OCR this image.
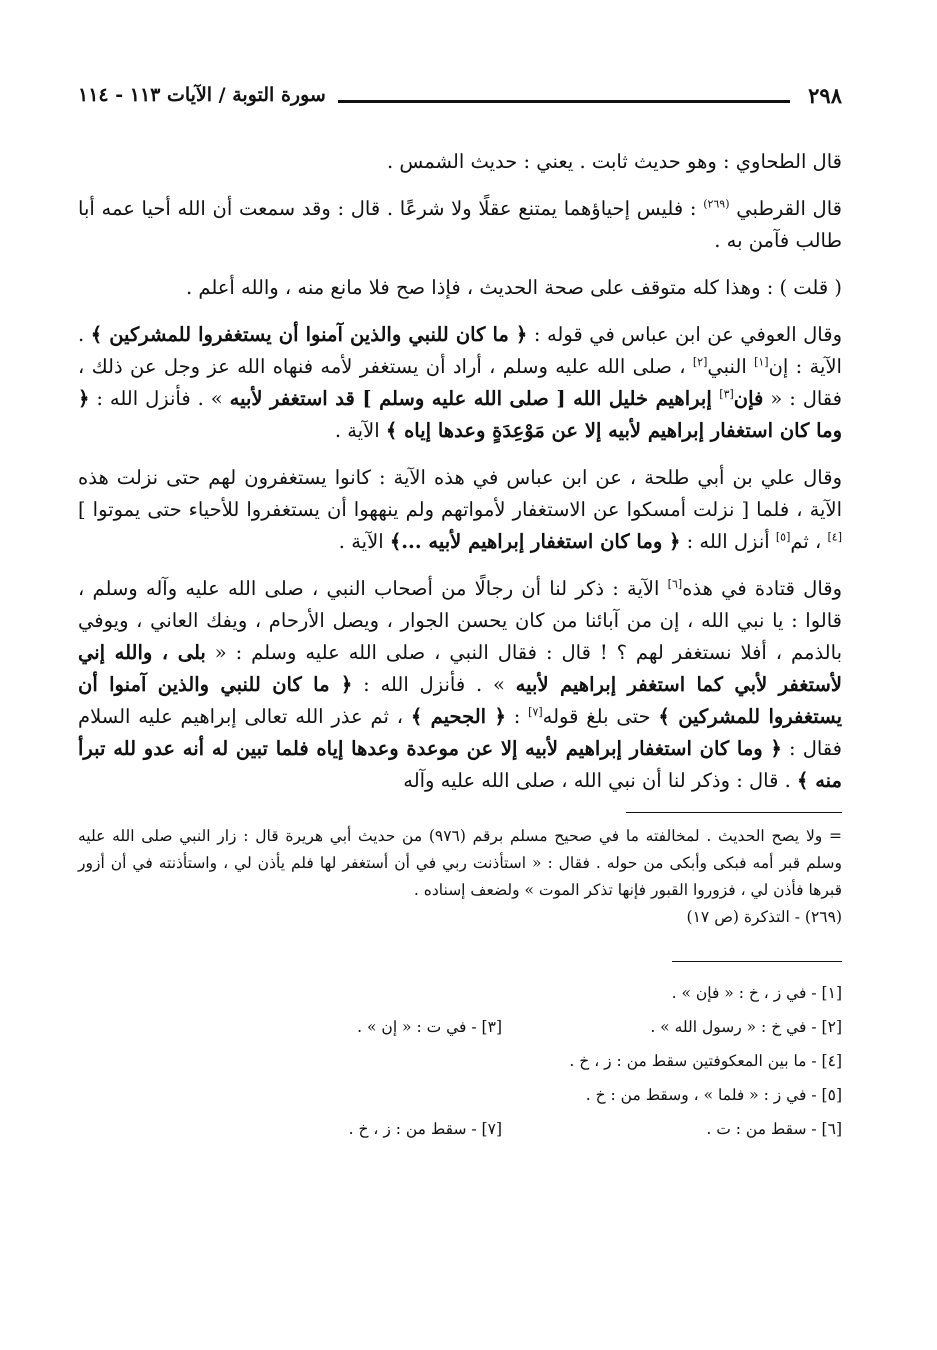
٢٩٨
سورة التوبة / الآيات ١١٣ - ١١٤

قال الطحاوي : وهو حديث ثابت . يعني : حديث الشمس .

قال القرطبي $^{(٢٦٩)}$ : فليس إحياؤهما يمتنع عقلًا ولا شرعًا . قال : وقد سمعت أن الله أحيا عمه أبا طالب فآمن به .

( قلت ) : وهذا كله متوقف على صحة الحديث ، فإذا صح فلا مانع منه ، والله أعلم .

وقال العوفي عن ابن عباس في قوله : ﴿ ما كان للنبي والذين آمنوا أن يستغفروا للمشركين ﴾ . الآية : إن[١] النبي[٢] ، صلى الله عليه وسلم ، أراد أن يستغفر لأمه فنهاه الله عز وجل عن ذلك ، فقال : « فإن[٣] إبراهيم خليل الله [ صلى الله عليه وسلم ] قد استغفر لأبيه » . فأنزل الله : ﴿ وما كان استغفار إبراهيم لأبيه إلا عن مَوْعِدَةٍ وعدها إياه ﴾ الآية .

وقال علي بن أبي طلحة ، عن ابن عباس في هذه الآية : كانوا يستغفرون لهم حتى نزلت هذه الآية ، فلما [ نزلت أمسكوا عن الاستغفار لأمواتهم ولم ينههوا أن يستغفروا للأحياء حتى يموتوا ][٤] ، ثم[٥] أنزل الله : ﴿ وما كان استغفار إبراهيم لأبيه ...﴾ الآية .

وقال قتادة في هذه[٦] الآية : ذكر لنا أن رجالًا من أصحاب النبي ، صلى الله عليه وآله وسلم ، قالوا : يا نبي الله ، إن من آبائنا من كان يحسن الجوار ، ويصل الأرحام ، ويفك العاني ، ويوفي بالذمم ، أفلا نستغفر لهم ؟ ! قال : فقال النبي ، صلى الله عليه وسلم : « بلى ، والله إني لأستغفر لأبي كما استغفر إبراهيم لأبيه » . فأنزل الله : ﴿ ما كان للنبي والذين آمنوا أن يستغفروا للمشركين ﴾ حتى بلغ قوله[٧] : ﴿ الجحيم ﴾ ، ثم عذر الله تعالى إبراهيم عليه السلام فقال : ﴿ وما كان استغفار إبراهيم لأبيه إلا عن موعدة وعدها إياه فلما تبين له أنه عدو لله تبرأ منه ﴾ . قال : وذكر لنا أن نبي الله ، صلى الله عليه وآله

= ولا يصح الحديث . لمخالفته ما في صحيح مسلم برقم (٩٧٦) من حديث أبي هريرة قال : زار النبي صلى الله عليه وسلم قبر أمه فبكى وأبكى من حوله . فقال : « استأذنت ربي في أن أستغفر لها فلم يأذن لي ، واستأذنته في أن أزور قبرها فأذن لي ، فزوروا القبور فإنها تذكر الموت » ولضعف إسناده .

(٢٦٩) - التذكرة (ص ١٧)

[١] - في ز ، خ : « فإن » .
[٢] - في خ : « رسول الله » .
[٣] - في ت : « إن » .
[٤] - ما بين المعكوفتين سقط من : ز ، خ .
[٥] - في ز : « فلما » ، وسقط من : خ .
[٦] - سقط من : ت .
[٧] - سقط من : ز ، خ .
